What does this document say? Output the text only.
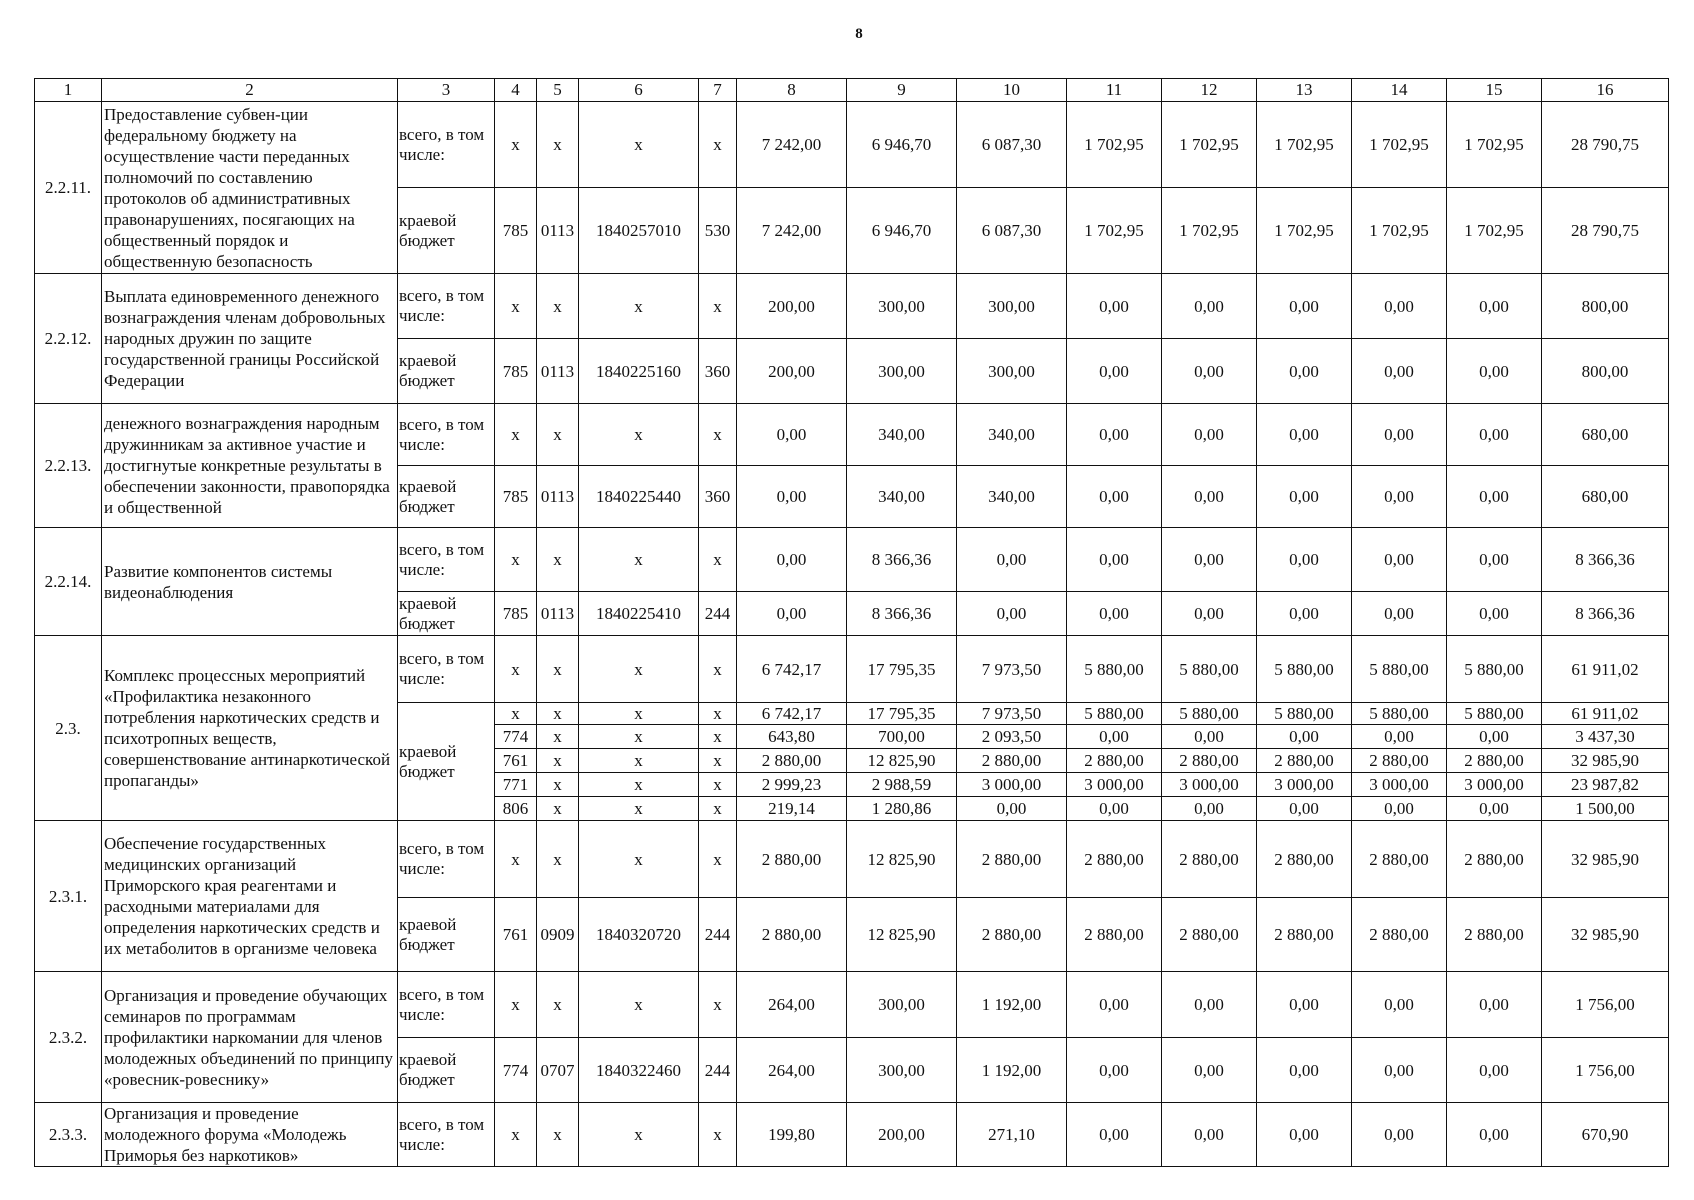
8
1	2	3	4	5	6	7	8	9	10	11	12	13	14	15	16
2.2.11.	Предоставление субвен-ции федеральному бюджету на осуществление части переданных полномочий по составлению протоколов об административных правонарушениях, посягающих на общественный порядок и общественную безопасность	всего, в том числе:	x	x	x	x	7 242,00	6 946,70	6 087,30	1 702,95	1 702,95	1 702,95	1 702,95	1 702,95	28 790,75
		краевой бюджет	785	0113	1840257010	530	7 242,00	6 946,70	6 087,30	1 702,95	1 702,95	1 702,95	1 702,95	1 702,95	28 790,75
2.2.12.	Выплата единовременного денежного вознаграждения членам добровольных народных дружин по защите государственной границы Российской Федерации	всего, в том числе:	x	x	x	x	200,00	300,00	300,00	0,00	0,00	0,00	0,00	0,00	800,00
		краевой бюджет	785	0113	1840225160	360	200,00	300,00	300,00	0,00	0,00	0,00	0,00	0,00	800,00
2.2.13.	денежного вознаграждения народным дружинникам за активное участие и достигнутые конкретные результаты в обеспечении законности, правопорядка и общественной	всего, в том числе:	x	x	x	x	0,00	340,00	340,00	0,00	0,00	0,00	0,00	0,00	680,00
		краевой бюджет	785	0113	1840225440	360	0,00	340,00	340,00	0,00	0,00	0,00	0,00	0,00	680,00
2.2.14.	Развитие компонентов системы видеонаблюдения	всего, в том числе:	x	x	x	x	0,00	8 366,36	0,00	0,00	0,00	0,00	0,00	0,00	8 366,36
		краевой бюджет	785	0113	1840225410	244	0,00	8 366,36	0,00	0,00	0,00	0,00	0,00	0,00	8 366,36
2.3.	Комплекс процессных мероприятий «Профилактика незаконного потребления наркотических средств и психотропных веществ, совершенствование антинаркотической пропаганды»	всего, в том числе:	x	x	x	x	6 742,17	17 795,35	7 973,50	5 880,00	5 880,00	5 880,00	5 880,00	5 880,00	61 911,02
		краевой бюджет	x	x	x	x	6 742,17	17 795,35	7 973,50	5 880,00	5 880,00	5 880,00	5 880,00	5 880,00	61 911,02
			774	x	x	x	643,80	700,00	2 093,50	0,00	0,00	0,00	0,00	0,00	3 437,30
			761	x	x	x	2 880,00	12 825,90	2 880,00	2 880,00	2 880,00	2 880,00	2 880,00	2 880,00	32 985,90
			771	x	x	x	2 999,23	2 988,59	3 000,00	3 000,00	3 000,00	3 000,00	3 000,00	3 000,00	23 987,82
			806	x	x	x	219,14	1 280,86	0,00	0,00	0,00	0,00	0,00	0,00	1 500,00
2.3.1.	Обеспечение государственных медицинских организаций Приморского края реагентами и расходными материалами для определения наркотических средств и их метаболитов в организме человека	всего, в том числе:	x	x	x	x	2 880,00	12 825,90	2 880,00	2 880,00	2 880,00	2 880,00	2 880,00	2 880,00	32 985,90
		краевой бюджет	761	0909	1840320720	244	2 880,00	12 825,90	2 880,00	2 880,00	2 880,00	2 880,00	2 880,00	2 880,00	32 985,90
2.3.2.	Организация и проведение обучающих семинаров по программам профилактики наркомании для членов молодежных объединений по принципу «ровесник-ровеснику»	всего, в том числе:	x	x	x	x	264,00	300,00	1 192,00	0,00	0,00	0,00	0,00	0,00	1 756,00
		краевой бюджет	774	0707	1840322460	244	264,00	300,00	1 192,00	0,00	0,00	0,00	0,00	0,00	1 756,00
2.3.3.	Организация и проведение молодежного форума «Молодежь Приморья без наркотиков»	всего, в том числе:	x	x	x	x	199,80	200,00	271,10	0,00	0,00	0,00	0,00	0,00	670,90
